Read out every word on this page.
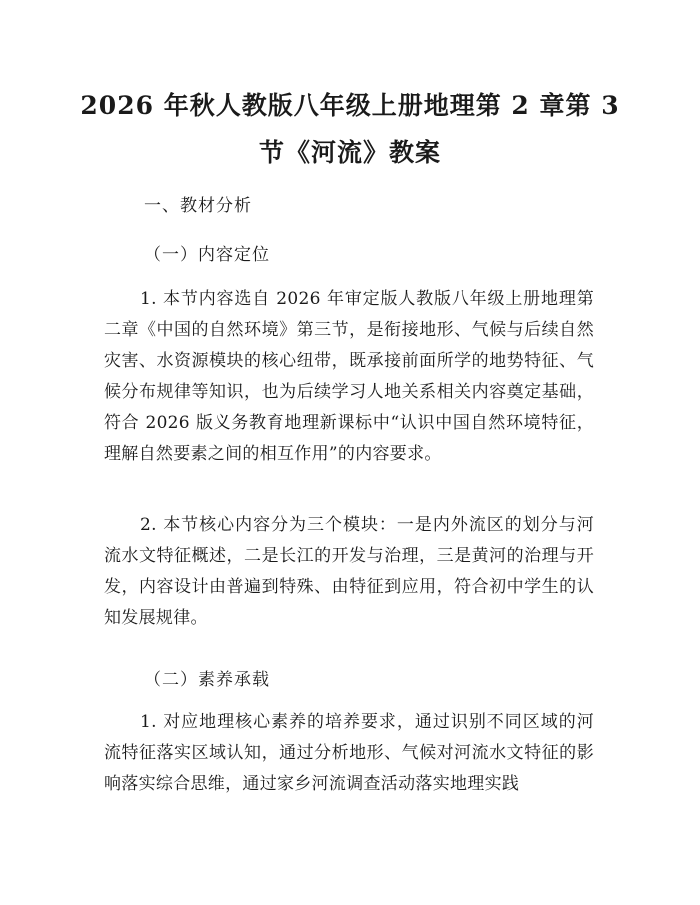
2026 年秋人教版八年级上册地理第 2 章第 3
节《河流》教案

一、教材分析

（一）内容定位

1. 本节内容选自 2026 年审定版人教版八年级上册地理第二章《中国的自然环境》第三节，是衔接地形、气候与后续自然灾害、水资源模块的核心纽带，既承接前面所学的地势特征、气候分布规律等知识，也为后续学习人地关系相关内容奠定基础，符合 2026 版义务教育地理新课标中“认识中国自然环境特征，理解自然要素之间的相互作用”的内容要求。

2. 本节核心内容分为三个模块：一是内外流区的划分与河流水文特征概述，二是长江的开发与治理，三是黄河的治理与开发，内容设计由普遍到特殊、由特征到应用，符合初中学生的认知发展规律。

（二）素养承载

1. 对应地理核心素养的培养要求，通过识别不同区域的河流特征落实区域认知，通过分析地形、气候对河流水文特征的影响落实综合思维，通过家乡河流调查活动落实地理实践
